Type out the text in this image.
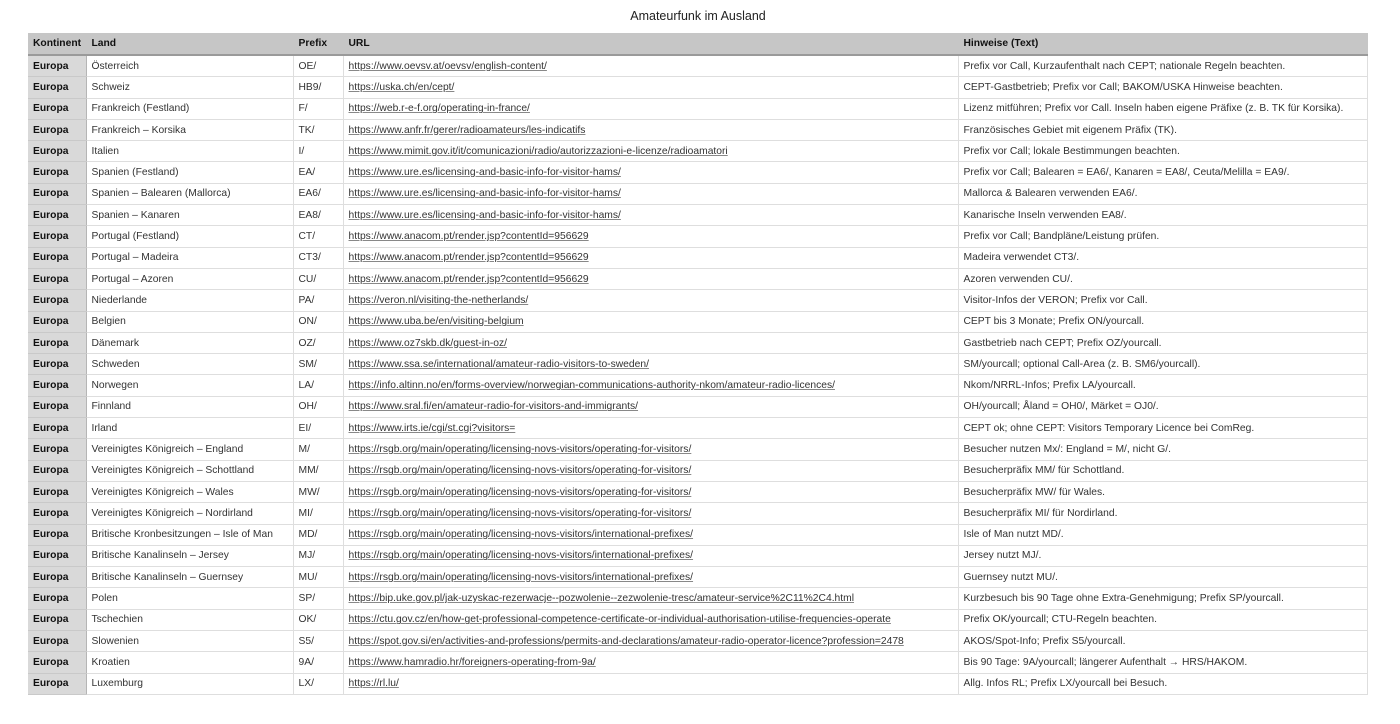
Amateurfunk im Ausland
Kontinent	Land	Prefix	URL	Hinweise (Text)
Europa	Österreich	OE/	https://www.oevsv.at/oevsv/english-content/	Prefix vor Call, Kurzaufenthalt nach CEPT; nationale Regeln beachten.
Europa	Schweiz	HB9/	https://uska.ch/en/cept/	CEPT-Gastbetrieb; Prefix vor Call; BAKOM/USKA Hinweise beachten.
Europa	Frankreich (Festland)	F/	https://web.r-e-f.org/operating-in-france/	Lizenz mitführen; Prefix vor Call. Inseln haben eigene Präfixe (z. B. TK für Korsika).
Europa	Frankreich – Korsika	TK/	https://www.anfr.fr/gerer/radioamateurs/les-indicatifs	Französisches Gebiet mit eigenem Präfix (TK).
Europa	Italien	I/	https://www.mimit.gov.it/it/comunicazioni/radio/autorizzazioni-e-licenze/radioamatori	Prefix vor Call; lokale Bestimmungen beachten.
Europa	Spanien (Festland)	EA/	https://www.ure.es/licensing-and-basic-info-for-visitor-hams/	Prefix vor Call; Balearen = EA6/, Kanaren = EA8/, Ceuta/Melilla = EA9/.
Europa	Spanien – Balearen (Mallorca)	EA6/	https://www.ure.es/licensing-and-basic-info-for-visitor-hams/	Mallorca & Balearen verwenden EA6/.
Europa	Spanien – Kanaren	EA8/	https://www.ure.es/licensing-and-basic-info-for-visitor-hams/	Kanarische Inseln verwenden EA8/.
Europa	Portugal (Festland)	CT/	https://www.anacom.pt/render.jsp?contentId=956629	Prefix vor Call; Bandpläne/Leistung prüfen.
Europa	Portugal – Madeira	CT3/	https://www.anacom.pt/render.jsp?contentId=956629	Madeira verwendet CT3/.
Europa	Portugal – Azoren	CU/	https://www.anacom.pt/render.jsp?contentId=956629	Azoren verwenden CU/.
Europa	Niederlande	PA/	https://veron.nl/visiting-the-netherlands/	Visitor-Infos der VERON; Prefix vor Call.
Europa	Belgien	ON/	https://www.uba.be/en/visiting-belgium	CEPT bis 3 Monate; Prefix ON/yourcall.
Europa	Dänemark	OZ/	https://www.oz7skb.dk/guest-in-oz/	Gastbetrieb nach CEPT; Prefix OZ/yourcall.
Europa	Schweden	SM/	https://www.ssa.se/international/amateur-radio-visitors-to-sweden/	SM/yourcall; optional Call-Area (z. B. SM6/yourcall).
Europa	Norwegen	LA/	https://info.altinn.no/en/forms-overview/norwegian-communications-authority-nkom/amateur-radio-licences/	Nkom/NRRL-Infos; Prefix LA/yourcall.
Europa	Finnland	OH/	https://www.sral.fi/en/amateur-radio-for-visitors-and-immigrants/	OH/yourcall; Åland = OH0/, Märket = OJ0/.
Europa	Irland	EI/	https://www.irts.ie/cgi/st.cgi?visitors=	CEPT ok; ohne CEPT: Visitors Temporary Licence bei ComReg.
Europa	Vereinigtes Königreich – England	M/	https://rsgb.org/main/operating/licensing-novs-visitors/operating-for-visitors/	Besucher nutzen Mx/: England = M/, nicht G/.
Europa	Vereinigtes Königreich – Schottland	MM/	https://rsgb.org/main/operating/licensing-novs-visitors/operating-for-visitors/	Besucherpräfix MM/ für Schottland.
Europa	Vereinigtes Königreich – Wales	MW/	https://rsgb.org/main/operating/licensing-novs-visitors/operating-for-visitors/	Besucherpräfix MW/ für Wales.
Europa	Vereinigtes Königreich – Nordirland	MI/	https://rsgb.org/main/operating/licensing-novs-visitors/operating-for-visitors/	Besucherpräfix MI/ für Nordirland.
Europa	Britische Kronbesitzungen – Isle of Man	MD/	https://rsgb.org/main/operating/licensing-novs-visitors/international-prefixes/	Isle of Man nutzt MD/.
Europa	Britische Kanalinseln – Jersey	MJ/	https://rsgb.org/main/operating/licensing-novs-visitors/international-prefixes/	Jersey nutzt MJ/.
Europa	Britische Kanalinseln – Guernsey	MU/	https://rsgb.org/main/operating/licensing-novs-visitors/international-prefixes/	Guernsey nutzt MU/.
Europa	Polen	SP/	https://bip.uke.gov.pl/jak-uzyskac-rezerwacje--pozwolenie--zezwolenie-tresc/amateur-service%2C11%2C4.html	Kurzbesuch bis 90 Tage ohne Extra-Genehmigung; Prefix SP/yourcall.
Europa	Tschechien	OK/	https://ctu.gov.cz/en/how-get-professional-competence-certificate-or-individual-authorisation-utilise-frequencies-operate	Prefix OK/yourcall; CTU-Regeln beachten.
Europa	Slowenien	S5/	https://spot.gov.si/en/activities-and-professions/permits-and-declarations/amateur-radio-operator-licence?profession=2478	AKOS/Spot-Info; Prefix S5/yourcall.
Europa	Kroatien	9A/	https://www.hamradio.hr/foreigners-operating-from-9a/	Bis 90 Tage: 9A/yourcall; längerer Aufenthalt → HRS/HAKOM.
Europa	Luxemburg	LX/	https://rl.lu/	Allg. Infos RL; Prefix LX/yourcall bei Besuch.
